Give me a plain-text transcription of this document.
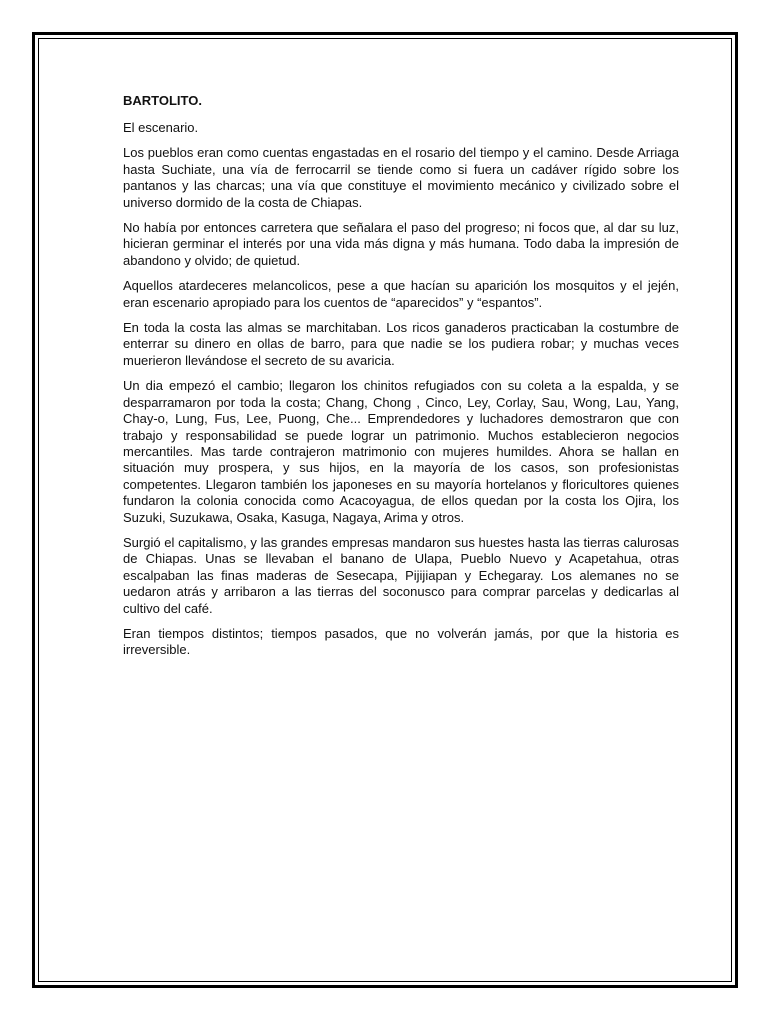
BARTOLITO.
El escenario.

Los pueblos eran como cuentas engastadas en el rosario del tiempo y el camino. Desde Arriaga hasta Suchiate, una vía de ferrocarril se tiende como si fuera un cadáver rígido sobre los pantanos y las charcas; una vía que constituye el movimiento mecánico y civilizado sobre el universo dormido de la costa de Chiapas.

No había por entonces carretera que señalara el paso del progreso; ni focos que, al dar su luz, hicieran germinar el interés por una vida más digna y más humana. Todo daba la impresión de abandono y olvido; de quietud.

Aquellos atardeceres melancolicos, pese a que hacían su aparición los mosquitos y el jején, eran escenario apropiado para los cuentos de “aparecidos” y “espantos”.

En toda la costa las almas se marchitaban. Los ricos ganaderos practicaban la costumbre de enterrar su dinero en ollas de barro, para que nadie se los pudiera robar; y muchas veces muerieron llevándose el secreto de su avaricia.

Un dia empezó el cambio; llegaron los chinitos refugiados con su coleta a la espalda, y se desparramaron por toda la costa; Chang, Chong , Cinco, Ley, Corlay, Sau, Wong, Lau, Yang, Chay-o, Lung, Fus, Lee, Puong, Che... Emprendedores y luchadores demostraron que con trabajo y responsabilidad se puede lograr un patrimonio. Muchos establecieron negocios mercantiles. Mas tarde contrajeron matrimonio con mujeres humildes. Ahora se hallan en situación muy prospera, y sus hijos, en la mayoría de los casos, son profesionistas competentes. Llegaron también los japoneses en su mayoría hortelanos y floricultores quienes fundaron la colonia conocida como Acacoyagua, de ellos quedan por la costa los Ojira, los Suzuki, Suzukawa, Osaka, Kasuga, Nagaya, Arima y otros.

Surgió el capitalismo, y las grandes empresas mandaron sus huestes hasta las tierras calurosas de Chiapas. Unas se llevaban el banano de Ulapa, Pueblo Nuevo y Acapetahua, otras escalpaban las finas maderas de Sesecapa, Pijijiapan y Echegaray. Los alemanes no se uedaron atrás y arribaron a las tierras del soconusco para comprar parcelas y dedicarlas al cultivo del café.

Eran tiempos distintos; tiempos pasados, que no volverán jamás, por que la historia es irreversible.
